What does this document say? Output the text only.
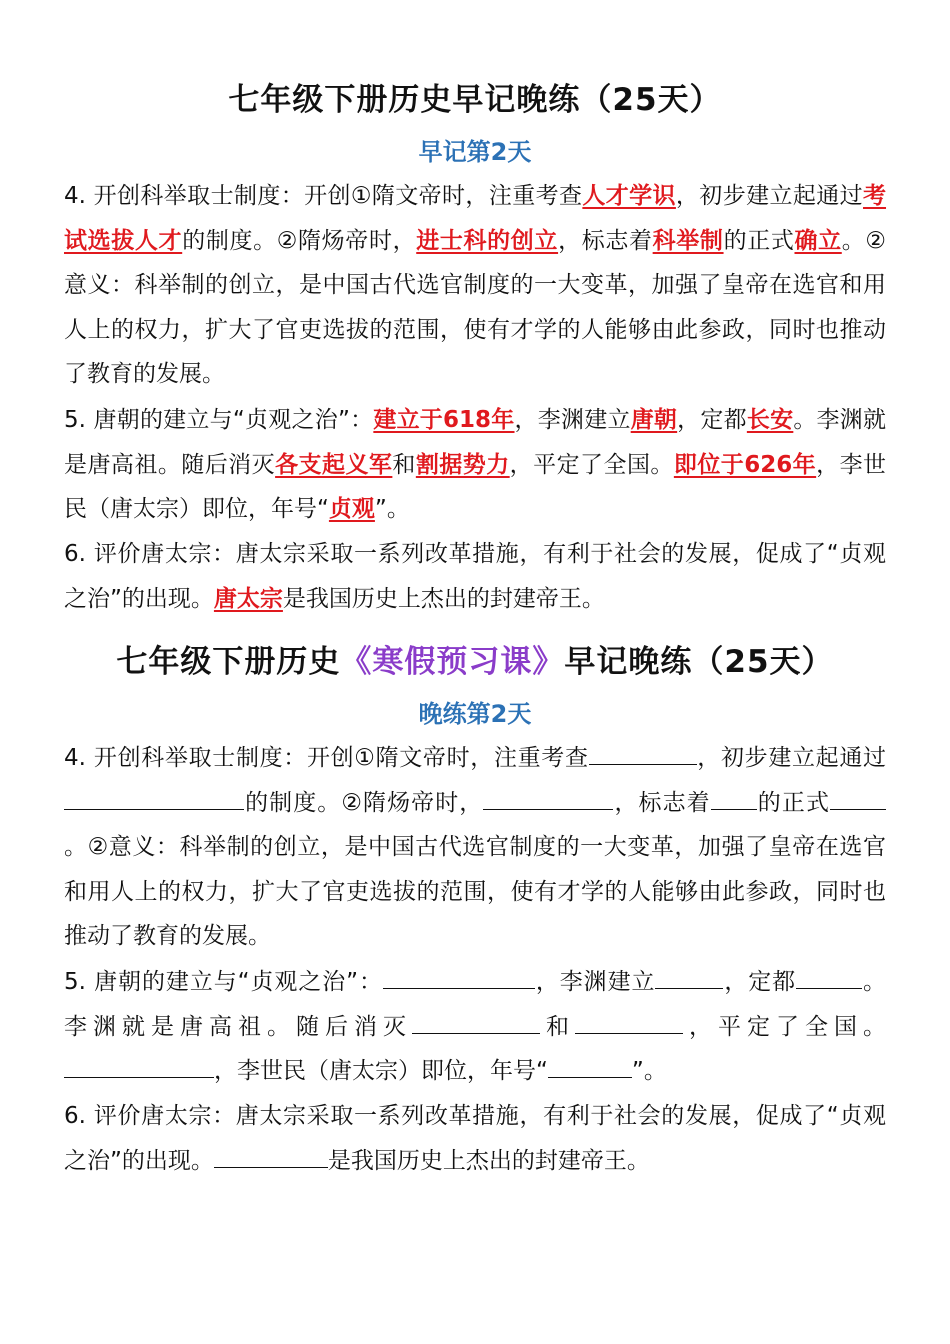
七年级下册历史早记晚练（25天）
早记第2天
4. 开创科举取士制度：开创①隋文帝时，注重考查人才学识，初步建立起通过考试选拔人才的制度。②隋炀帝时，进士科的创立，标志着科举制的正式确立。②意义：科举制的创立，是中国古代选官制度的一大变革，加强了皇帝在选官和用人上的权力，扩大了官吏选拔的范围，使有才学的人能够由此参政，同时也推动了教育的发展。
5. 唐朝的建立与“贞观之治”：建立于618年，李渊建立唐朝，定都长安。李渊就是唐高祖。随后消灭各支起义军和割据势力，平定了全国。即位于626年，李世民（唐太宗）即位，年号“贞观”。
6. 评价唐太宗：唐太宗采取一系列改革措施，有利于社会的发展，促成了“贞观之治”的出现。唐太宗是我国历史上杰出的封建帝王。
七年级下册历史《寒假预习课》早记晚练（25天）
晚练第2天
4. 开创科举取士制度：开创①隋文帝时，注重考查	，初步建立起通过的制度。②隋炀帝时，	，标志着 的正式。②意义：科举制的创立，是中国古代选官制度的一大变革，加强了皇帝在选官和用人上的权力，扩大了官吏选拔的范围，使有才学的人能够由此参政，同时也推动了教育的发展。
5. 唐朝的建立与“贞观之治”：	，李渊建立	，定都	。李渊就是唐高祖。随后消灭	和	，平定了全国。，李世民（唐太宗）即位，年号“	”。
6. 评价唐太宗：唐太宗采取一系列改革措施，有利于社会的发展，促成了“贞观之治”的出现。	是我国历史上杰出的封建帝王。
